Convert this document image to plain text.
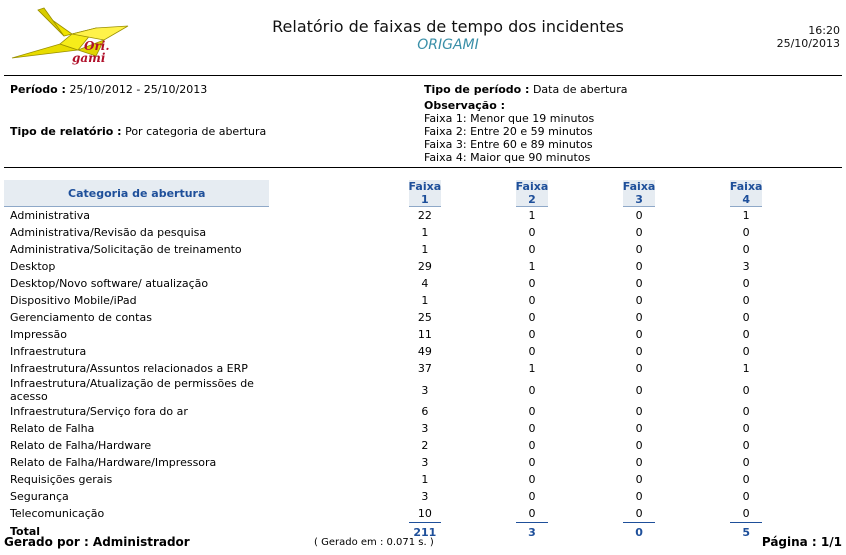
Ori.
gami
Relatório de faixas de tempo dos incidentes
ORIGAMI
16:20
25/10/2013
Período : 25/10/2012 - 25/10/2013	Tipo de período : Data de abertura
Observação :
Faixa 1: Menor que 19 minutos
Faixa 2: Entre 20 e 59 minutos
Faixa 3: Entre 60 e 89 minutos
Faixa 4: Maior que 90 minutos
Tipo de relatório : Por categoria de abertura
Categoria de abertura		Faixa 1		Faixa 2		Faixa 3		Faixa 4	
Administrativa		22		1		0		1	
Administrativa/Revisão da pesquisa		1		0		0		0	
Administrativa/Solicitação de treinamento		1		0		0		0	
Desktop		29		1		0		3	
Desktop/Novo software/ atualização		4		0		0		0	
Dispositivo Mobile/iPad		1		0		0		0	
Gerenciamento de contas		25		0		0		0	
Impressão		11		0		0		0	
Infraestrutura		49		0		0		0	
Infraestrutura/Assuntos relacionados a ERP		37		1		0		1	
Infraestrutura/Atualização de permissões de acesso		3		0		0		0	
Infraestrutura/Serviço fora do ar		6		0		0		0	
Relato de Falha		3		0		0		0	
Relato de Falha/Hardware		2		0		0		0	
Relato de Falha/Hardware/Impressora		3		0		0		0	
Requisições gerais		1		0		0		0	
Segurança		3		0		0		0	
Telecomunicação		10		0		0		0	
Total		211		3		0		5	
Gerado por : Administrador	( Gerado em : 0.071 s. )	Página : 1/1
